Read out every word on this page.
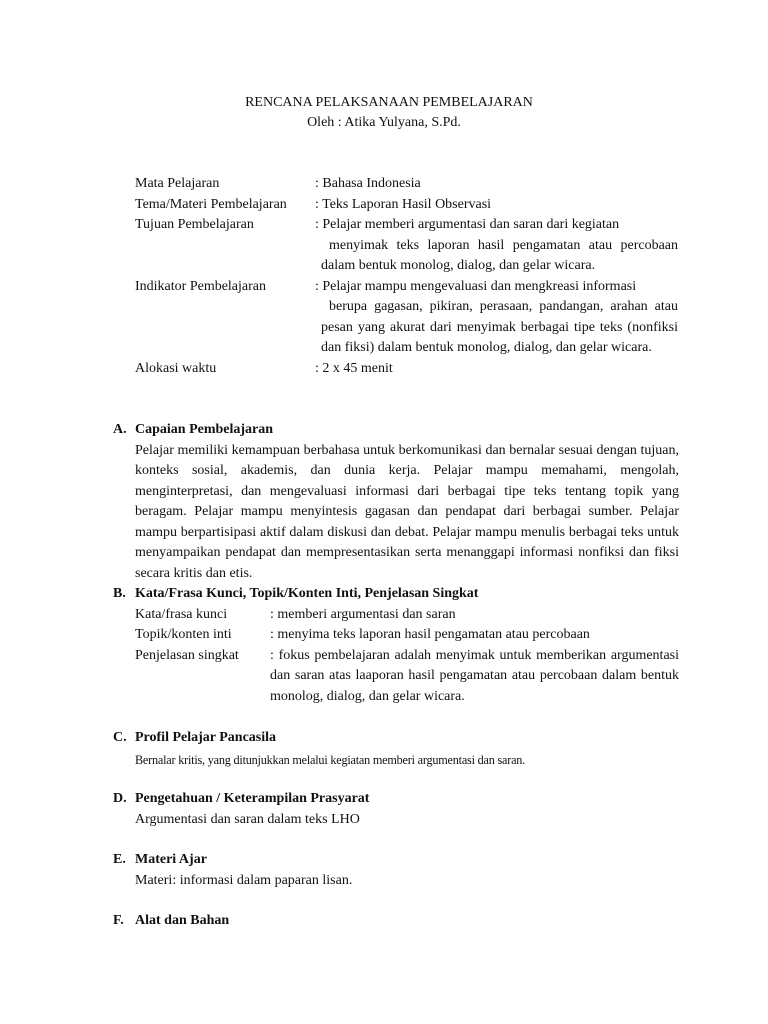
RENCANA PELAKSANAAN PEMBELAJARAN
Oleh : Atika Yulyana, S.Pd.
Mata Pelajaran	: Bahasa Indonesia
Tema/Materi Pembelajaran	: Teks Laporan Hasil Observasi
Tujuan Pembelajaran	: Pelajar memberi argumentasi dan saran dari kegiatan
menyimak teks laporan hasil pengamatan atau percobaan
dalam bentuk monolog, dialog, dan gelar wicara.
Indikator Pembelajaran	: Pelajar mampu mengevaluasi dan mengkreasi informasi
berupa gagasan, pikiran, perasaan, pandangan, arahan atau
pesan yang akurat dari menyimak berbagai tipe teks (nonfiksi
dan fiksi) dalam bentuk monolog, dialog, dan gelar wicara.
Alokasi waktu	: 2 x 45 menit
A. Capaian Pembelajaran
Pelajar memiliki kemampuan berbahasa untuk berkomunikasi dan bernalar sesuai dengan tujuan, konteks sosial, akademis, dan dunia kerja. Pelajar mampu memahami, mengolah, menginterpretasi, dan mengevaluasi informasi dari berbagai tipe teks tentang topik yang beragam. Pelajar mampu menyintesis gagasan dan pendapat dari berbagai sumber. Pelajar mampu berpartisipasi aktif dalam diskusi dan debat. Pelajar mampu menulis berbagai teks untuk menyampaikan pendapat dan mempresentasikan serta menanggapi informasi nonfiksi dan fiksi secara kritis dan etis.
B. Kata/Frasa Kunci, Topik/Konten Inti, Penjelasan Singkat
Kata/frasa kunci	: memberi argumentasi dan saran
Topik/konten inti	: menyima teks laporan hasil pengamatan atau percobaan
Penjelasan singkat	: fokus pembelajaran adalah menyimak untuk memberikan argumentasi dan saran atas laaporan hasil pengamatan atau percobaan dalam bentuk monolog, dialog, dan gelar wicara.
C. Profil Pelajar Pancasila
Bernalar kritis, yang ditunjukkan melalui kegiatan memberi argumentasi dan saran.
D. Pengetahuan / Keterampilan Prasyarat
Argumentasi dan saran dalam teks LHO
E. Materi Ajar
Materi: informasi dalam paparan lisan.
F. Alat dan Bahan
